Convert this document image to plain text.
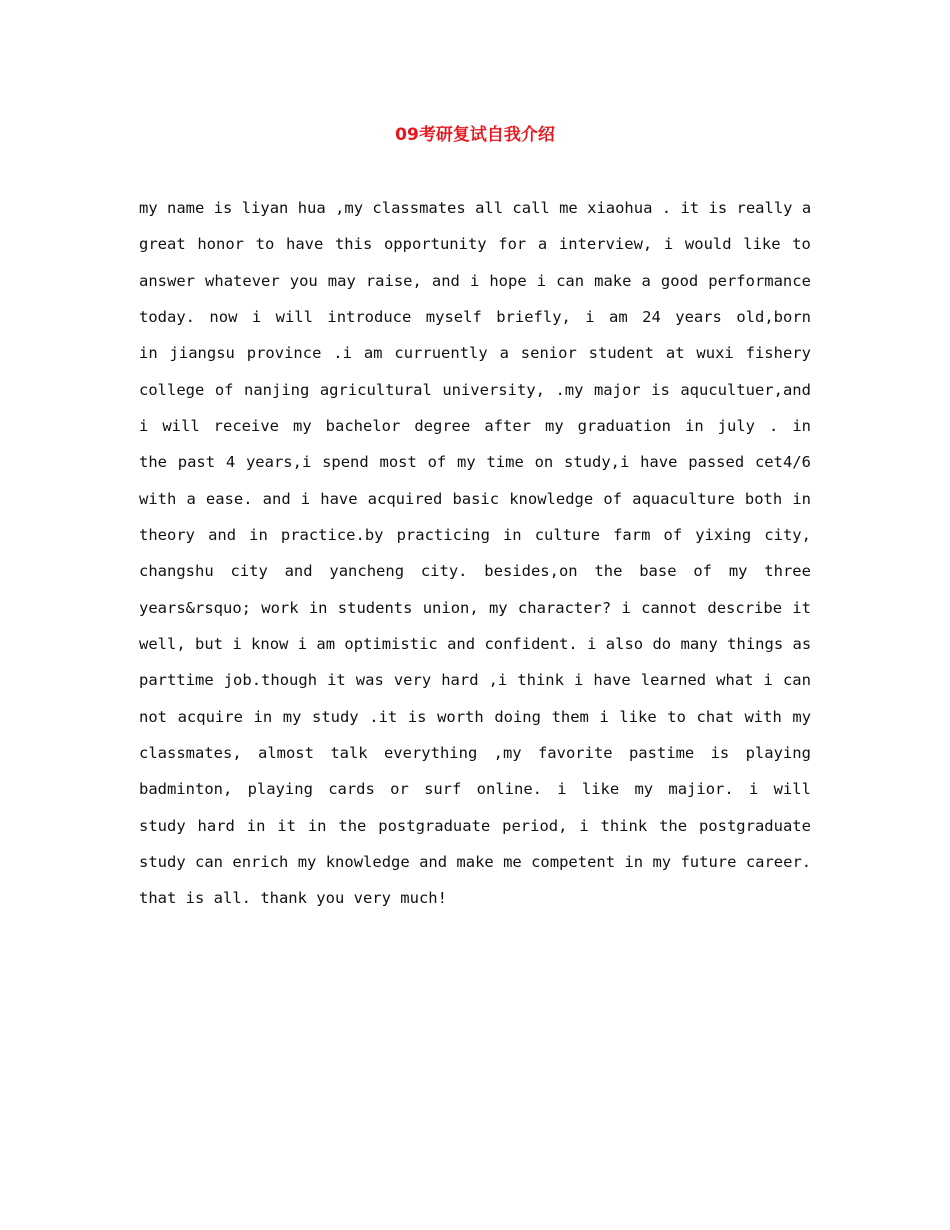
09考研复试自我介绍
my name is liyan hua ,my classmates all call me xiaohua . it is really a
great honor to have this opportunity for a interview, i would like to
answer whatever you may raise, and i hope i can make a good performance
today. now i will introduce myself briefly, i am 24 years old,born
in jiangsu province .i am curruently a senior student at wuxi fishery
college of nanjing agricultural university, .my major is aqucultuer,and
i will receive my bachelor degree after my graduation in july . in
the past 4 years,i spend most of my time on study,i have passed cet4/6
with a ease. and i have acquired basic knowledge of aquaculture both in
theory and in practice.by practicing in culture farm of yixing city,
changshu city and yancheng city. besides,on the base of my three
years&rsquo; work in students union, my character? i cannot describe it
well, but i know i am optimistic and confident. i also do many things as
parttime job.though it was very hard ,i think i have learned what i can
not acquire in my study .it is worth doing them i like to chat with my
classmates, almost talk everything ,my favorite pastime is playing
badminton, playing cards or surf online. i like my majior. i will
study hard in it in the postgraduate period, i think the postgraduate
study can enrich my knowledge and make me competent in my future career.
that is all. thank you very much!
